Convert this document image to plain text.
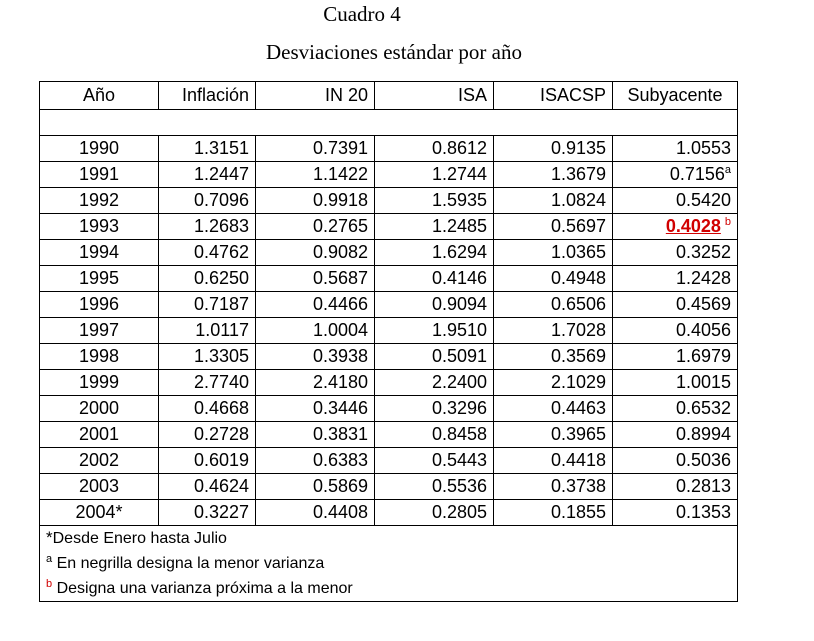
Cuadro 4
Desviaciones estándar por año
Año	Inflación	IN 20	ISA	ISACSP	Subyacente

1990	1.3151	0.7391	0.8612	0.9135	1.0553
1991	1.2447	1.1422	1.2744	1.3679	0.7156$^a$
1992	0.7096	0.9918	1.5935	1.0824	0.5420
1993	1.2683	0.2765	1.2485	0.5697	0.4028 $^b$
1994	0.4762	0.9082	1.6294	1.0365	0.3252
1995	0.6250	0.5687	0.4146	0.4948	1.2428
1996	0.7187	0.4466	0.9094	0.6506	0.4569
1997	1.0117	1.0004	1.9510	1.7028	0.4056
1998	1.3305	0.3938	0.5091	0.3569	1.6979
1999	2.7740	2.4180	2.2400	2.1029	1.0015
2000	0.4668	0.3446	0.3296	0.4463	0.6532
2001	0.2728	0.3831	0.8458	0.3965	0.8994
2002	0.6019	0.6383	0.5443	0.4418	0.5036
2003	0.4624	0.5869	0.5536	0.3738	0.2813
2004*	0.3227	0.4408	0.2805	0.1855	0.1353

*Desde Enero hasta Julio
$^a$ En negrilla designa la menor varianza
$^b$ Designa una varianza próxima a la menor					
